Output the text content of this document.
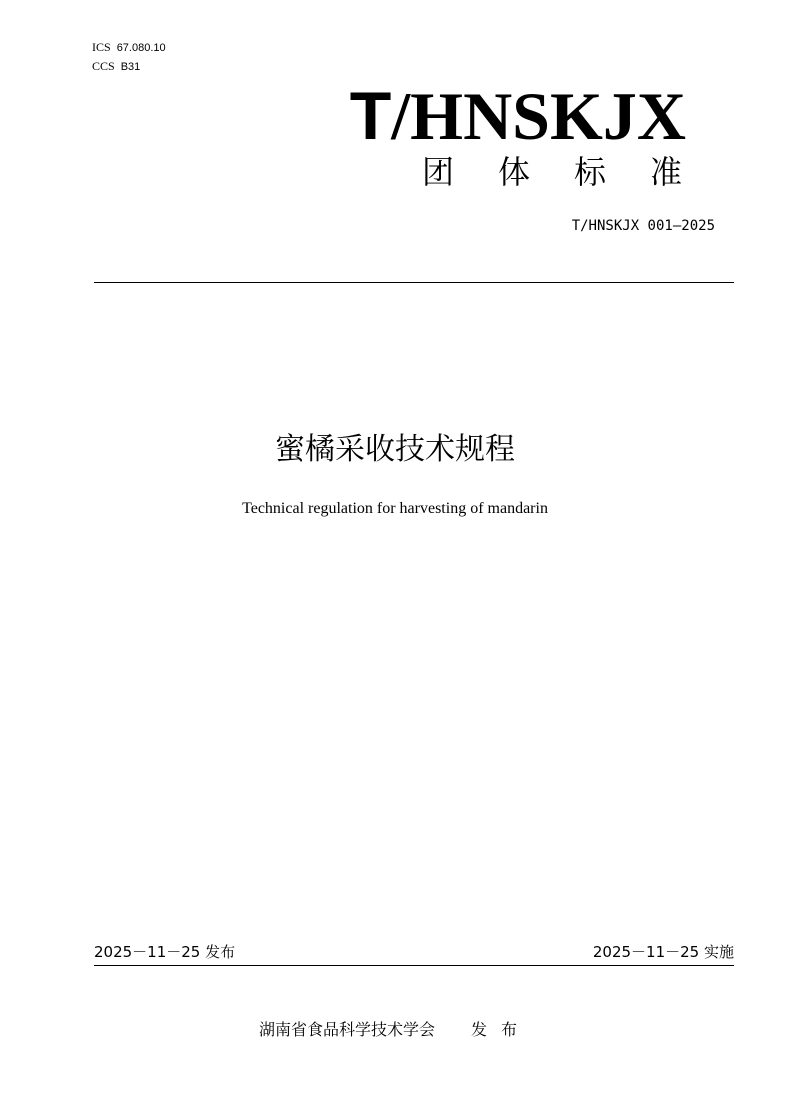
ICS 67.080.10
CCS B31
T/HNSKJX
团体标准
T/HNSKJX 001—2025
蜜橘采收技术规程
Technical regulation for harvesting of mandarin
2025－11－25 发布	2025－11－25 实施
湖南省食品科学技术学会 发布
